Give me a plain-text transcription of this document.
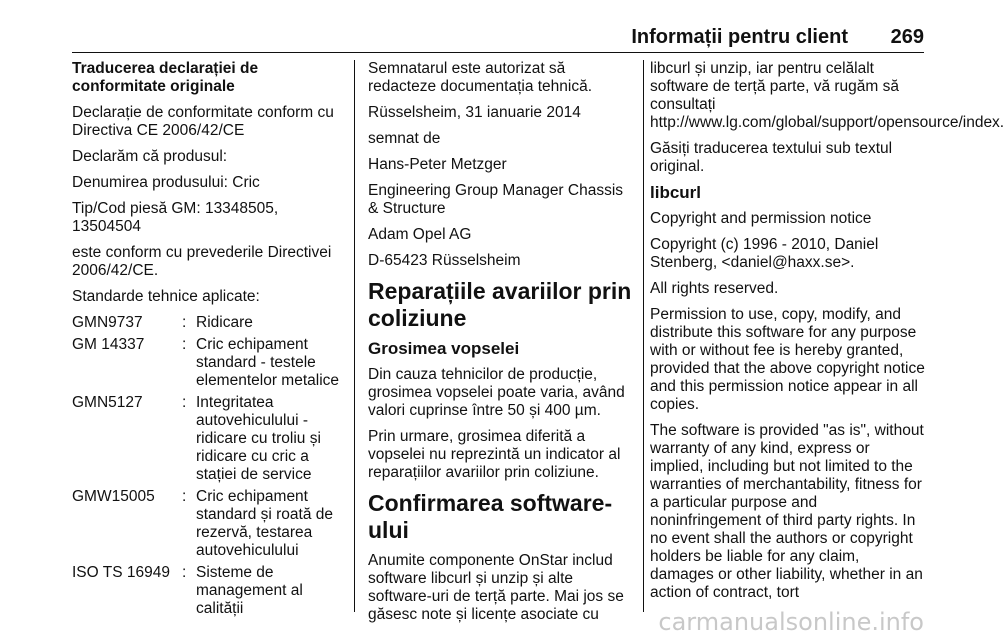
Informații pentru client 269

Traducerea declarației de conformitate originale

Declarație de conformitate conform cu Directiva CE 2006/42/CE

Declarăm că produsul:

Denumirea produsului: Cric

Tip/Cod piesă GM: 13348505, 13504504

este conform cu prevederile Directivei 2006/42/CE.

Standarde tehnice aplicate:

GMN9737	:	Ridicare
GM 14337	:	Cric echipament standard - testele elementelor metalice
GMN5127	:	Integritatea autovehiculului - ridicare cu troliu și ridicare cu cric a stației de service
GMW15005	:	Cric echipament standard și roată de rezervă, testarea autovehiculului
ISO TS 16949	:	Sisteme de management al calității

Semnatarul este autorizat să redacteze documentația tehnică.

Rüsselsheim, 31 ianuarie 2014

semnat de

Hans-Peter Metzger

Engineering Group Manager Chassis & Structure

Adam Opel AG

D-65423 Rüsselsheim

Reparațiile avariilor prin coliziune

Grosimea vopselei

Din cauza tehnicilor de producție, grosimea vopselei poate varia, având valori cuprinse între 50 și 400 µm.

Prin urmare, grosimea diferită a vopselei nu reprezintă un indicator al reparațiilor avariilor prin coliziune.

Confirmarea software-ului

Anumite componente OnStar includ software libcurl și unzip și alte software-uri de terță parte. Mai jos se găsesc note și licențe asociate cu

libcurl și unzip, iar pentru celălalt software de terță parte, vă rugăm să consultați http://www.lg.com/global/support/opensource/index.

Găsiți traducerea textului sub textul original.

libcurl

Copyright and permission notice

Copyright (c) 1996 - 2010, Daniel Stenberg, <daniel@haxx.se>.

All rights reserved.

Permission to use, copy, modify, and distribute this software for any purpose with or without fee is hereby granted, provided that the above copyright notice and this permission notice appear in all copies.

The software is provided "as is", without warranty of any kind, express or implied, including but not limited to the warranties of merchantability, fitness for a particular purpose and noninfringement of third party rights. In no event shall the authors or copyright holders be liable for any claim, damages or other liability, whether in an action of contract, tort

carmanualsonline.info
